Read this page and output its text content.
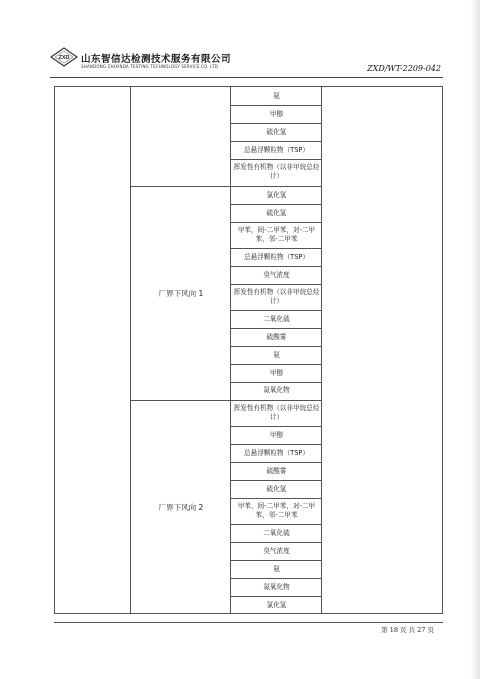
ZXD 山东智信达检测技术服务有限公司
SHANDONG ZHIXINDA TESTING TECHNOLOGY SERVICE CO. LTD	ZXD/WT-2209-042
氨
甲醇
硫化氢
总悬浮颗粒物（TSP）
挥发性有机物（以非甲烷总烃计）
氯化氢
硫化氢
甲苯，间-二甲苯，对-二甲苯，邻-二甲苯
总悬浮颗粒物（TSP）
臭气浓度
挥发性有机物（以非甲烷总烃计）
二氧化硫
硫酸雾
氨
甲醇
氮氧化物
厂界下风向 1
挥发性有机物（以非甲烷总烃计）
甲醇
总悬浮颗粒物（TSP）
硫酸雾
硫化氢
甲苯，间-二甲苯，对-二甲苯，邻-二甲苯
二氧化硫
臭气浓度
氨
氮氧化物
氯化氢
厂界下风向 2
第 18 页 共 27 页
